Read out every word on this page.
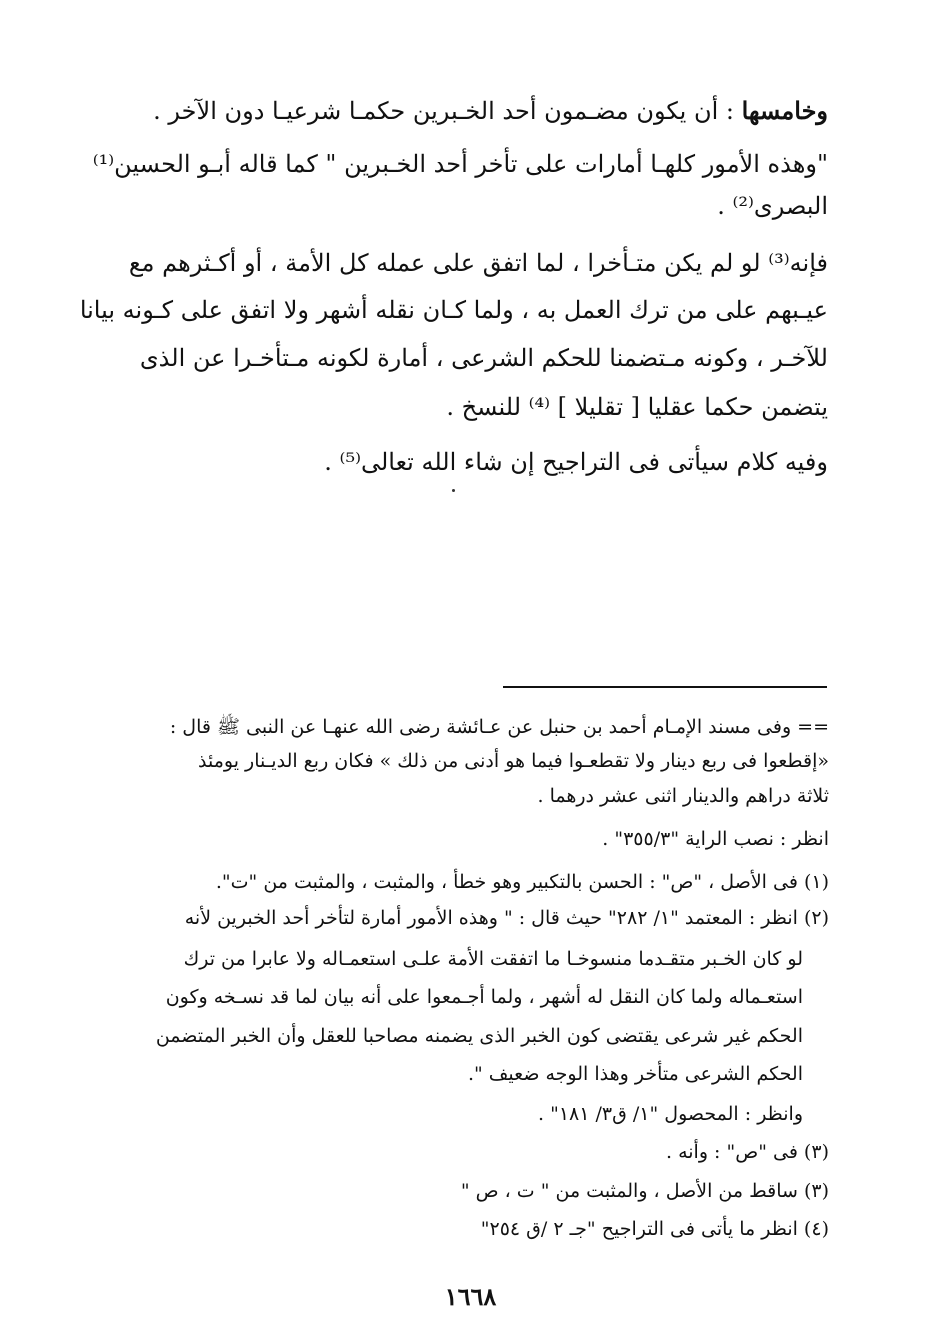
وخامسها : أن يكون مضـمون أحد الخـبرين حكمـا شرعيـا دون الآخر .
"وهذه الأمور كلهـا أمارات على تأخر أحد الخـبرين " كما قاله أبـو الحسين⁽¹⁾
البصرى⁽²⁾ .
فإنه⁽³⁾ لو لم يكن متـأخرا ، لما اتفق على عمله كل الأمة ، أو أكـثرهم مع
عيـبهم على من ترك العمل به ، ولما كـان نقله أشهر ولا اتفق على كـونه بيانا
للآخـر ، وكونه مـتضمنا للحكم الشرعى ، أمارة لكونه مـتأخـرا عن الذى
يتضمن حكما عقليا [ تقليلا ] ⁽⁴⁾ للنسخ .
وفيه كلام سيأتى فى التراجيح إن شاء الله تعالى⁽⁵⁾ .
== وفى مسند الإمـام أحمد بن حنبل عن عـائشة رضى الله عنهـا عن النبى ﷺ قال :
«إقطعوا فى ربع دينار ولا تقطعـوا فيما هو أدنى من ذلك » فكان ربع الديـنار يومئذ
ثلاثة دراهم والدينار اثنى عشر درهما .
انظر : نصب الراية "٣٥٥/٣" .
(١) فى الأصل ، "ص" : الحسن بالتكبير وهو خطأ ، والمثبت ، والمثبت من "ت".
(٢) انظر : المعتمد "١/ ٢٨٢" حيث قال : " وهذه الأمور أمارة لتأخر أحد الخبرين لأنه
لو كان الخـبر متقـدما منسوخـا ما اتفقت الأمة علـى استعمـاله ولا عابرا من ترك
استعـماله ولما كان النقل له أشهر ، ولما أجـمعوا على أنه بيان لما قد نسـخه وكون
الحكم غير شرعى يقتضى كون الخبر الذى يضمنه مصاحبا للعقل وأن الخبر المتضمن
الحكم الشرعى متأخر وهذا الوجه ضعيف ".
وانظر : المحصول "١/ ق٣/ ١٨١" .
(٣) فى "ص" : وأنه .
(٣) ساقط من الأصل ، والمثبت من " ت ، ص "
(٤) انظر ما يأتى فى التراجيح "جـ ٢ /ق ٢٥٤"
١٦٦٨
